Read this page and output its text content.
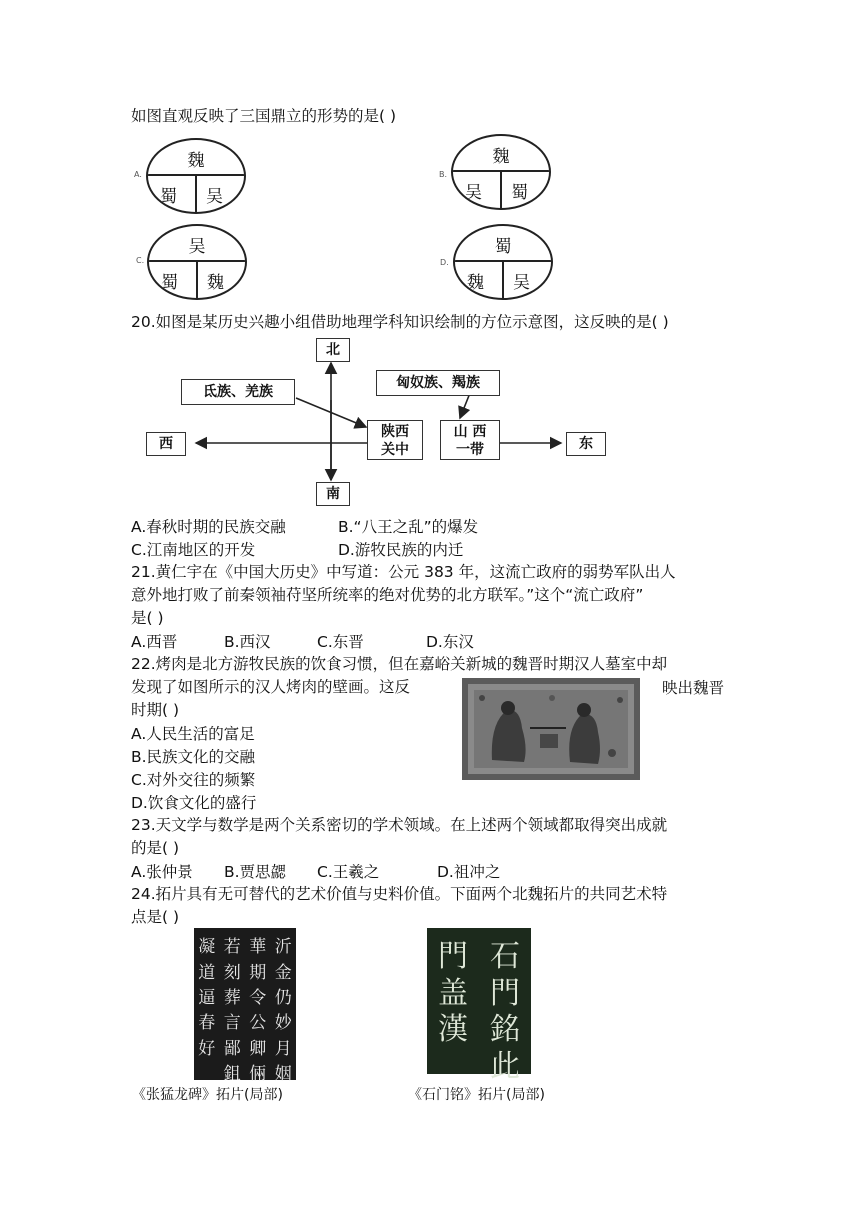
如图直观反映了三国鼎立的形势的是( )
A.
魏
蜀 吴
B.
魏
吴 蜀
C.
吴
蜀 魏
D.
蜀
魏 吴
20.如图是某历史兴趣小组借助地理学科知识绘制的方位示意图，这反映的是( )
北
南
西	东
氐族、羌族
匈奴族、羯族
陕西
关中
山 西
一带
A.春秋时期的民族交融	B.“八王之乱”的爆发
C.江南地区的开发	D.游牧民族的内迁
21.黄仁宇在《中国大历史》中写道：公元 383 年，这流亡政府的弱势军队出人
意外地打败了前秦领袖苻坚所统率的绝对优势的北方联军。”这个“流亡政府”
是( )
A.西晋	B.西汉	C.东晋	D.东汉
22.烤肉是北方游牧民族的饮食习惯，但在嘉峪关新城的魏晋时期汉人墓室中却
发现了如图所示的汉人烤肉的壁画。这反	映出魏晋
时期( )
A.人民生活的富足
B.民族文化的交融
C.对外交往的频繁
D.饮食文化的盛行
23.天文学与数学是两个关系密切的学术领域。在上述两个领域都取得突出成就
的是( )
A.张仲景 B.贾思勰 C.王羲之	D.祖冲之
24.拓片具有无可替代的艺术价值与史料价值。下面两个北魏拓片的共同艺术特
点是( )
沂
金
仍
妙
月
姻
華
期
令
公
卿
倆
若
刻
葬
言
鄙
鉏
凝
道
逼
春
好
《张猛龙碑》拓片(局部)
石
門
銘
此
門
盖
漢
《石门铭》拓片(局部)
